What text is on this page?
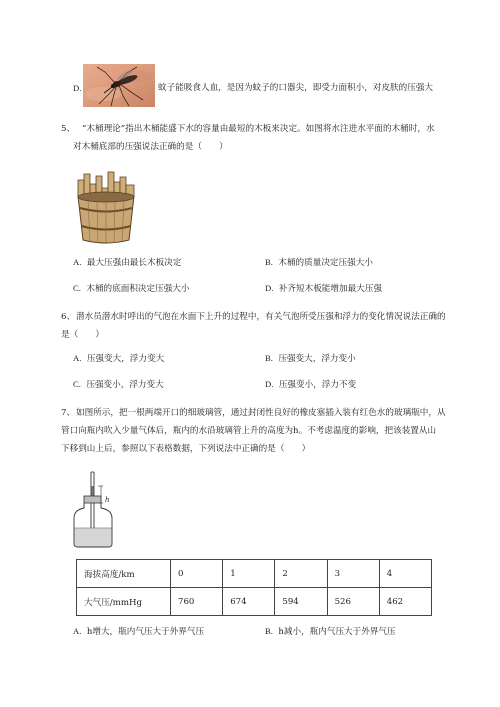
D.	蚊子能吸食人血，是因为蚊子的口器尖，即受力面积小，对皮肤的压强大
5、 “木桶理论”指出木桶能盛下水的容量由最短的木板来决定。如图将水注进水平面的木桶时，水
对木桶底部的压强说法正确的是（　　）
A. 最大压强由最长木板决定	B. 木桶的质量决定压强大小
C. 木桶的底面积决定压强大小	D. 补齐短木板能增加最大压强
6、 潜水员潜水时呼出的气泡在水面下上升的过程中，有关气泡所受压强和浮力的变化情况说法正确的
是（　　）
A. 压强变大，浮力变大	B. 压强变大，浮力变小
C. 压强变小，浮力变大	D. 压强变小，浮力不变
7、 如图所示，把一根两端开口的细玻璃管，通过封闭性良好的橡皮塞插入装有红色水的玻璃瓶中，从
管口向瓶内吹入少量气体后，瓶内的水沿玻璃管上升的高度为h。不考虑温度的影响，把该装置从山
下移到山上后，参照以下表格数据，下列说法中正确的是（　　）
h
海拔高度/km	0	1	2	3	4
大气压/mmHg	760	674	594	526	462
A. h增大，瓶内气压大于外界气压	B. h减小，瓶内气压大于外界气压
